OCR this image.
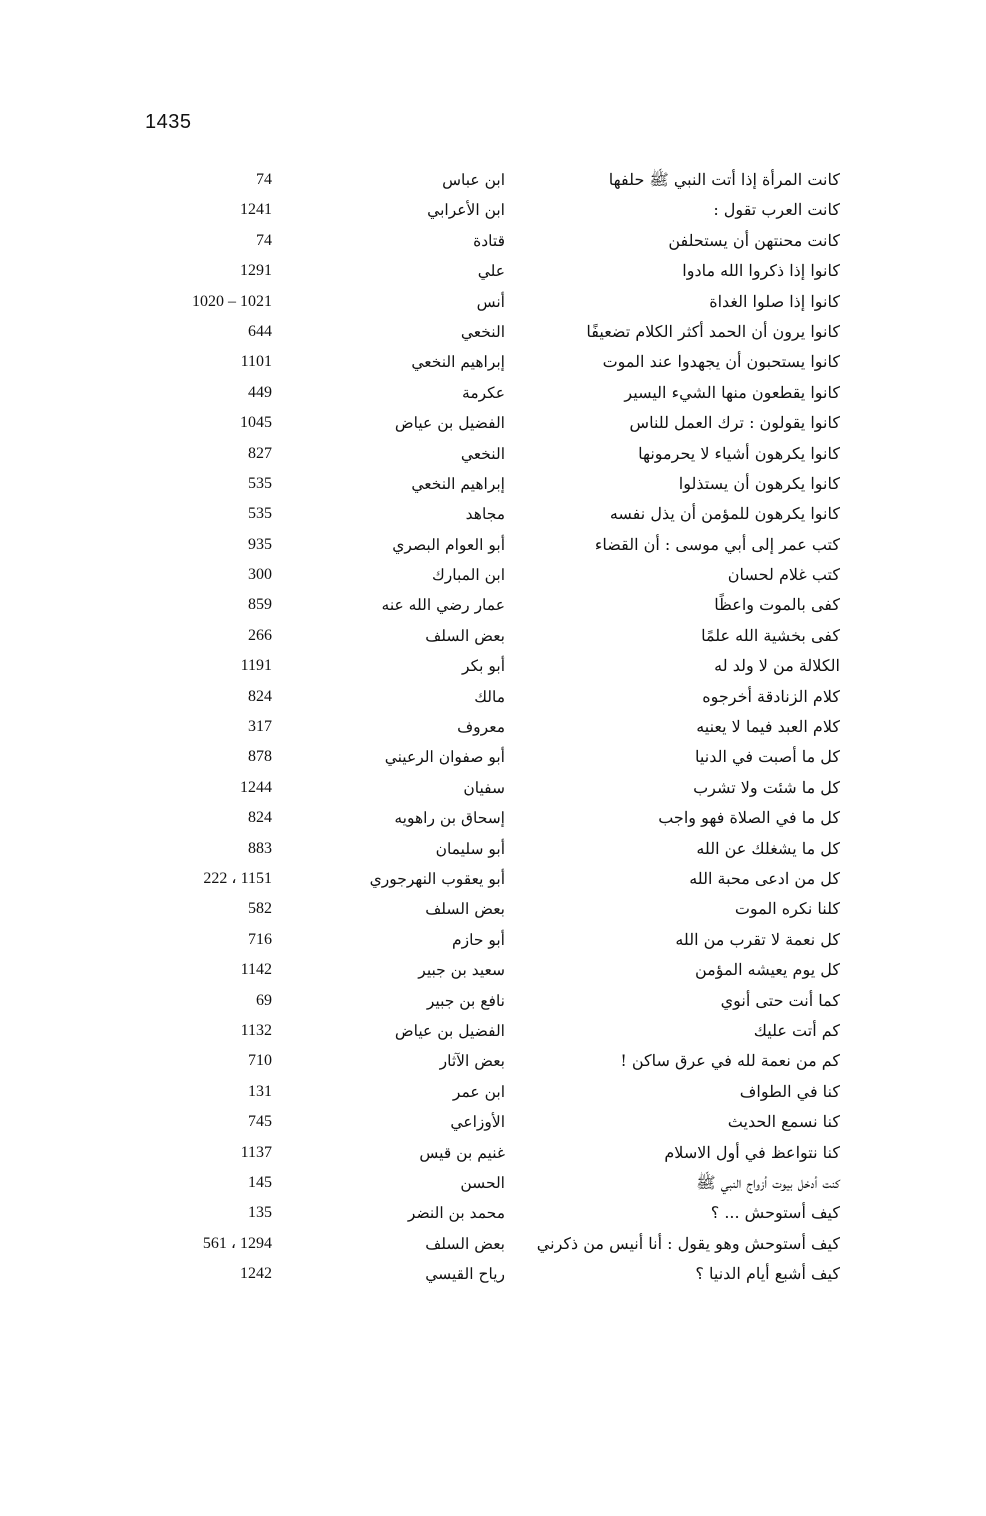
1435
كانت المرأة إذا أتت النبي ﷺ حلفها
ابن عباس
74
كانت العرب تقول :
ابن الأعرابي
1241
كانت محنتهن أن يستحلفن
قتادة
74
كانوا إذا ذكروا الله مادوا
علي
1291
كانوا إذا صلوا الغداة
أنس
1020 – 1021
كانوا يرون أن الحمد أكثر الكلام تضعيفًا
النخعي
644
كانوا يستحبون أن يجهدوا عند الموت
إبراهيم النخعي
1101
كانوا يقطعون منها الشيء اليسير
عكرمة
449
كانوا يقولون : ترك العمل للناس
الفضيل بن عياض
1045
كانوا يكرهون أشياء لا يحرمونها
النخعي
827
كانوا يكرهون أن يستذلوا
إبراهيم النخعي
535
كانوا يكرهون للمؤمن أن يذل نفسه
مجاهد
535
كتب عمر إلى أبي موسى : أن القضاء
أبو العوام البصري
935
كتب غلام لحسان
ابن المبارك
300
كفى بالموت واعظًا
عمار رضي الله عنه
859
كفى بخشية الله علمًا
بعض السلف
266
الكلالة من لا ولد له
أبو بكر
1191
كلام الزنادقة أخرجوه
مالك
824
كلام العبد فيما لا يعنيه
معروف
317
كل ما أصبت في الدنيا
أبو صفوان الرعيني
878
كل ما شئت ولا تشرب
سفيان
1244
كل ما في الصلاة فهو واجب
إسحاق بن راهويه
824
كل ما يشغلك عن الله
أبو سليمان
883
كل من ادعى محبة الله
أبو يعقوب النهرجوري
222 ، 1151
كلنا نكره الموت
بعض السلف
582
كل نعمة لا تقرب من الله
أبو حازم
716
كل يوم يعيشه المؤمن
سعيد بن جبير
1142
كما أنت حتى أنوي
نافع بن جبير
69
كم أتت عليك
الفضيل بن عياض
1132
كم من نعمة لله في عرق ساكن !
بعض الآثار
710
كنا في الطواف
ابن عمر
131
كنا نسمع الحديث
الأوزاعي
745
كنا نتواعظ في أول الاسلام
غنيم بن قيس
1137
كنت أدخل بيوت أزواج النبي ﷺ
الحسن
145
كيف أستوحش ... ؟
محمد بن النضر
135
كيف أستوحش وهو يقول : أنا أنيس من ذكرني
بعض السلف
561 ، 1294
كيف أشبع أيام الدنيا ؟
رياح القيسي
1242
